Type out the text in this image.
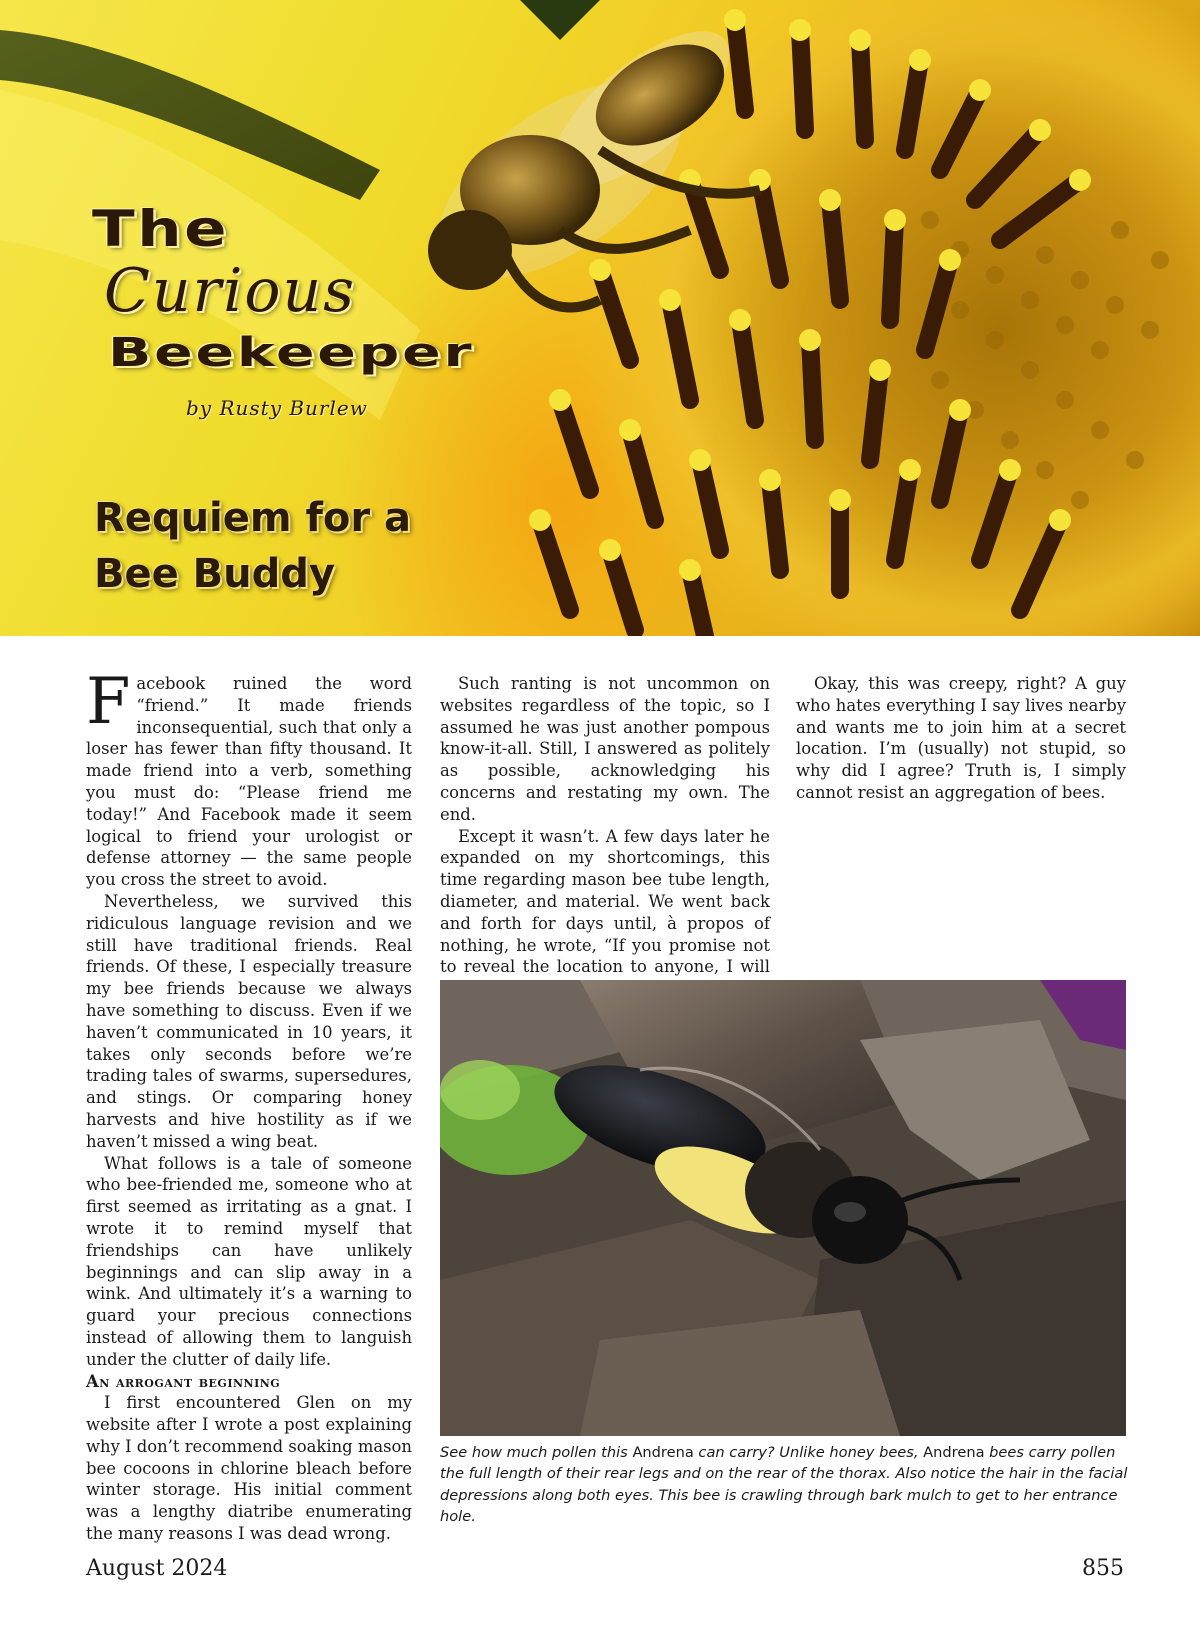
The
Curious
Beekeeper
by Rusty Burlew
Requiem for a
Bee Buddy

Facebook ruined the word “friend.” It made friends inconsequential, such that only a loser has fewer than fifty thousand. It made friend into a verb, something you must do: “Please friend me today!” And Facebook made it seem logical to friend your urologist or defense attorney — the same people you cross the street to avoid.

Nevertheless, we survived this ridiculous language revision and we still have traditional friends. Real friends. Of these, I especially treasure my bee friends because we always have something to discuss. Even if we haven’t communicated in 10 years, it takes only seconds before we’re trading tales of swarms, supersedures, and stings. Or comparing honey harvests and hive hostility as if we haven’t missed a wing beat.

What follows is a tale of someone who bee-friended me, someone who at first seemed as irritating as a gnat. I wrote it to remind myself that friendships can have unlikely beginnings and can slip away in a wink. And ultimately it’s a warning to guard your precious connections instead of allowing them to languish under the clutter of daily life.

An arrogant beginning

I first encountered Glen on my website after I wrote a post explaining why I don’t recommend soaking mason bee cocoons in chlorine bleach before winter storage. His initial comment was a lengthy diatribe enumerating the many reasons I was dead wrong.

Such ranting is not uncommon on websites regardless of the topic, so I assumed he was just another pompous know-it-all. Still, I answered as politely as possible, acknowledging his concerns and restating my own. The end.

Except it wasn’t. A few days later he expanded on my shortcomings, this time regarding mason bee tube length, diameter, and material. We went back and forth for days until, à propos of nothing, he wrote, “If you promise not to reveal the location to anyone, I will

Okay, this was creepy, right? A guy who hates everything I say lives nearby and wants me to join him at a secret location. I’m (usually) not stupid, so why did I agree? Truth is, I simply cannot resist an aggregation of bees.

See how much pollen this Andrena can carry? Unlike honey bees, Andrena bees carry pollen the full length of their rear legs and on the rear of the thorax. Also notice the hair in the facial depressions along both eyes. This bee is crawling through bark mulch to get to her entrance hole.
August 2024	855
